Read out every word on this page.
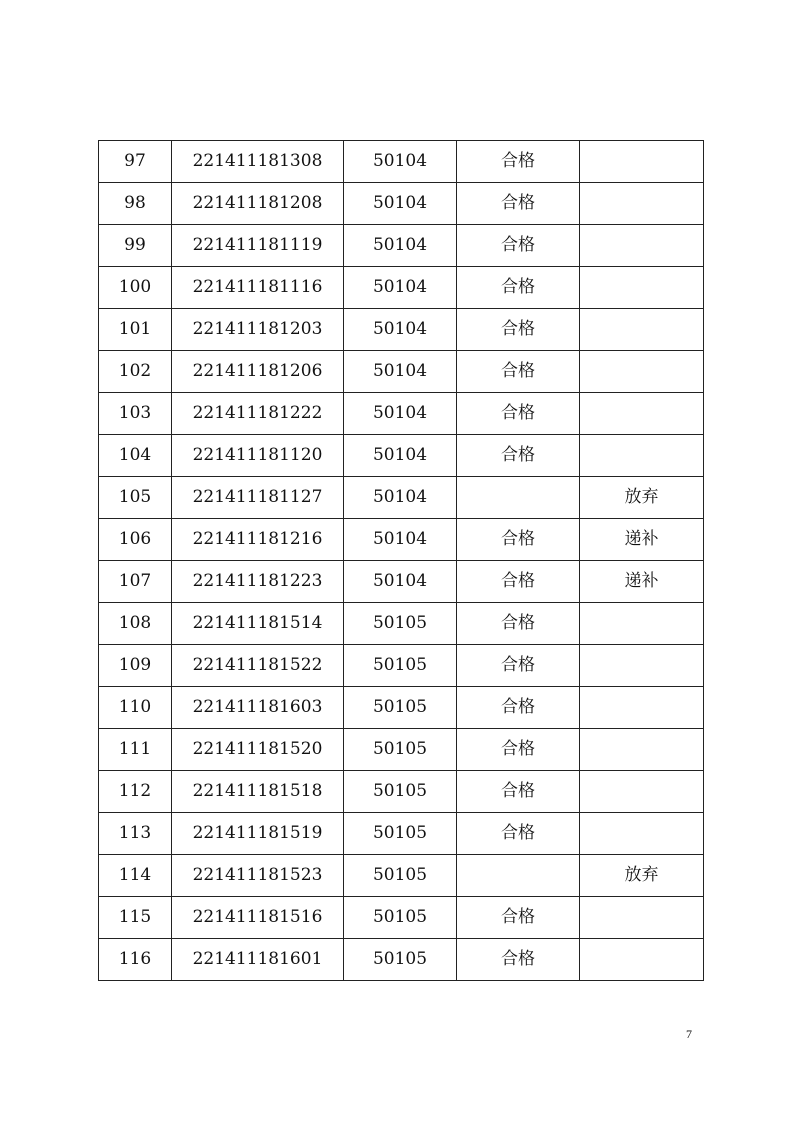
97	221411181308	50104	合格	
98	221411181208	50104	合格	
99	221411181119	50104	合格	
100	221411181116	50104	合格	
101	221411181203	50104	合格	
102	221411181206	50104	合格	
103	221411181222	50104	合格	
104	221411181120	50104	合格	
105	221411181127	50104		放弃
106	221411181216	50104	合格	递补
107	221411181223	50104	合格	递补
108	221411181514	50105	合格	
109	221411181522	50105	合格	
110	221411181603	50105	合格	
111	221411181520	50105	合格	
112	221411181518	50105	合格	
113	221411181519	50105	合格	
114	221411181523	50105		放弃
115	221411181516	50105	合格	
116	221411181601	50105	合格	
7
